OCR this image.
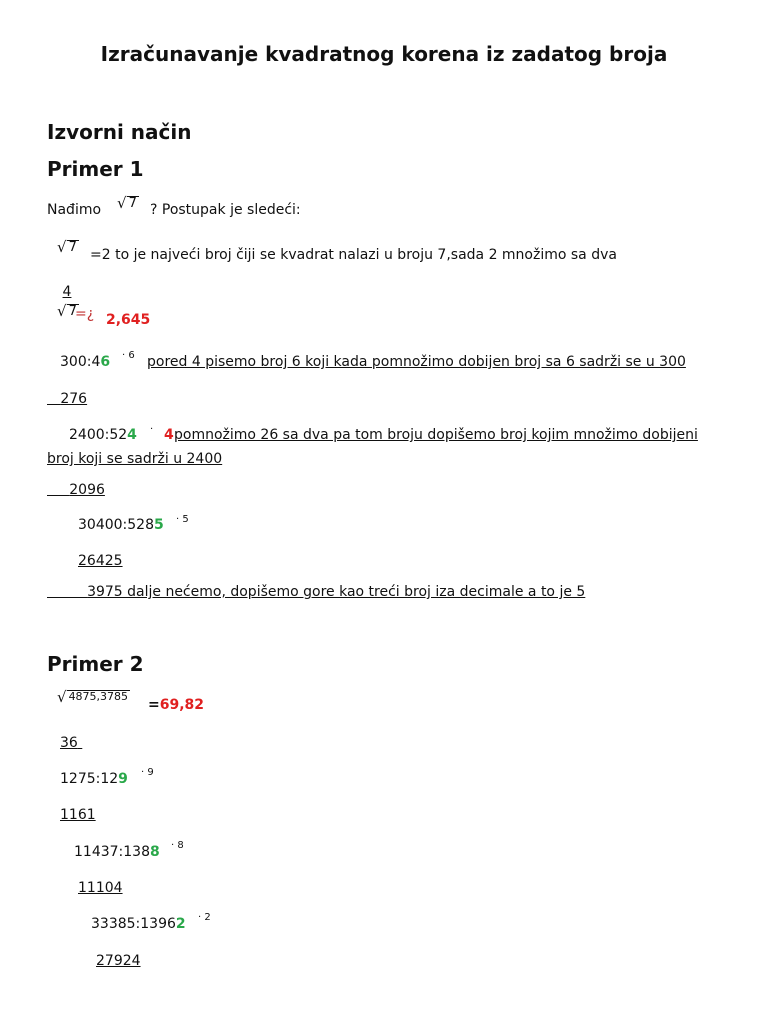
Izračunavanje kvadratnog korena iz zadatog broja
Izvorni način
Primer 1
Nađimo √ 7 ? Postupak je sledeći:
√ 7 =2 to je najveći broj čiji se kvadrat nalazi u broju 7,sada 2 množimo sa dva
4
√ 7
=¿ 2,645
300:46 · 6 pored 4 pisemo broj 6 koji kada pomnožimo dobijen broj sa 6 sadrži se u 300
276
2400:524 · 4 pomnožimo 26 sa dva pa tom broju dopišemo broj kojim množimo dobijeni
broj koji se sadrži u 2400
2096
30400:5285 · 5
26425
3975 dalje nećemo, dopišemo gore kao treći broj iza decimale a to je 5
Primer 2
√ 4875,3785
=69,82
36
1275:129 · 9
1161
11437:1388 · 8
11104
33385:13962 · 2
27924
